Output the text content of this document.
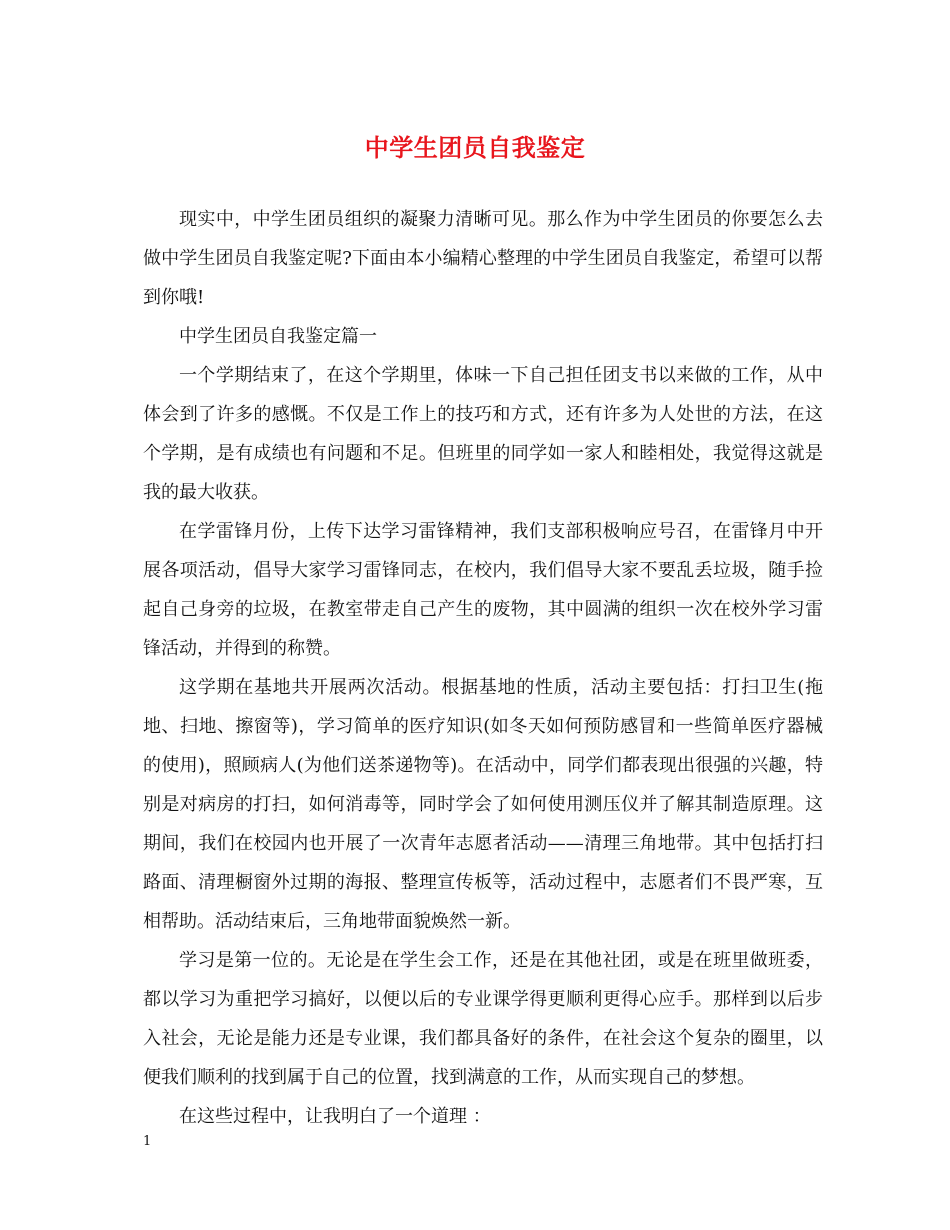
中学生团员自我鉴定

现实中，中学生团员组织的凝聚力清晰可见。那么作为中学生团员的你要怎么去做中学生团员自我鉴定呢?下面由本小编精心整理的中学生团员自我鉴定，希望可以帮到你哦!

中学生团员自我鉴定篇一

一个学期结束了，在这个学期里，体味一下自己担任团支书以来做的工作，从中体会到了许多的感慨。不仅是工作上的技巧和方式，还有许多为人处世的方法，在这个学期，是有成绩也有问题和不足。但班里的同学如一家人和睦相处，我觉得这就是我的最大收获。

在学雷锋月份，上传下达学习雷锋精神，我们支部积极响应号召，在雷锋月中开展各项活动，倡导大家学习雷锋同志，在校内，我们倡导大家不要乱丢垃圾，随手捡起自己身旁的垃圾，在教室带走自己产生的废物，其中圆满的组织一次在校外学习雷锋活动，并得到的称赞。

这学期在基地共开展两次活动。根据基地的性质，活动主要包括：打扫卫生(拖地、扫地、擦窗等)，学习简单的医疗知识(如冬天如何预防感冒和一些简单医疗器械的使用)，照顾病人(为他们送茶递物等)。在活动中，同学们都表现出很强的兴趣，特别是对病房的打扫，如何消毒等，同时学会了如何使用测压仪并了解其制造原理。这期间，我们在校园内也开展了一次青年志愿者活动——清理三角地带。其中包括打扫路面、清理橱窗外过期的海报、整理宣传板等，活动过程中，志愿者们不畏严寒，互相帮助。活动结束后，三角地带面貌焕然一新。

学习是第一位的。无论是在学生会工作，还是在其他社团，或是在班里做班委，都以学习为重把学习搞好，以便以后的专业课学得更顺利更得心应手。那样到以后步入社会，无论是能力还是专业课，我们都具备好的条件，在社会这个复杂的圈里，以便我们顺利的找到属于自己的位置，找到满意的工作，从而实现自己的梦想。

在这些过程中，让我明白了一个道理 ：

1
